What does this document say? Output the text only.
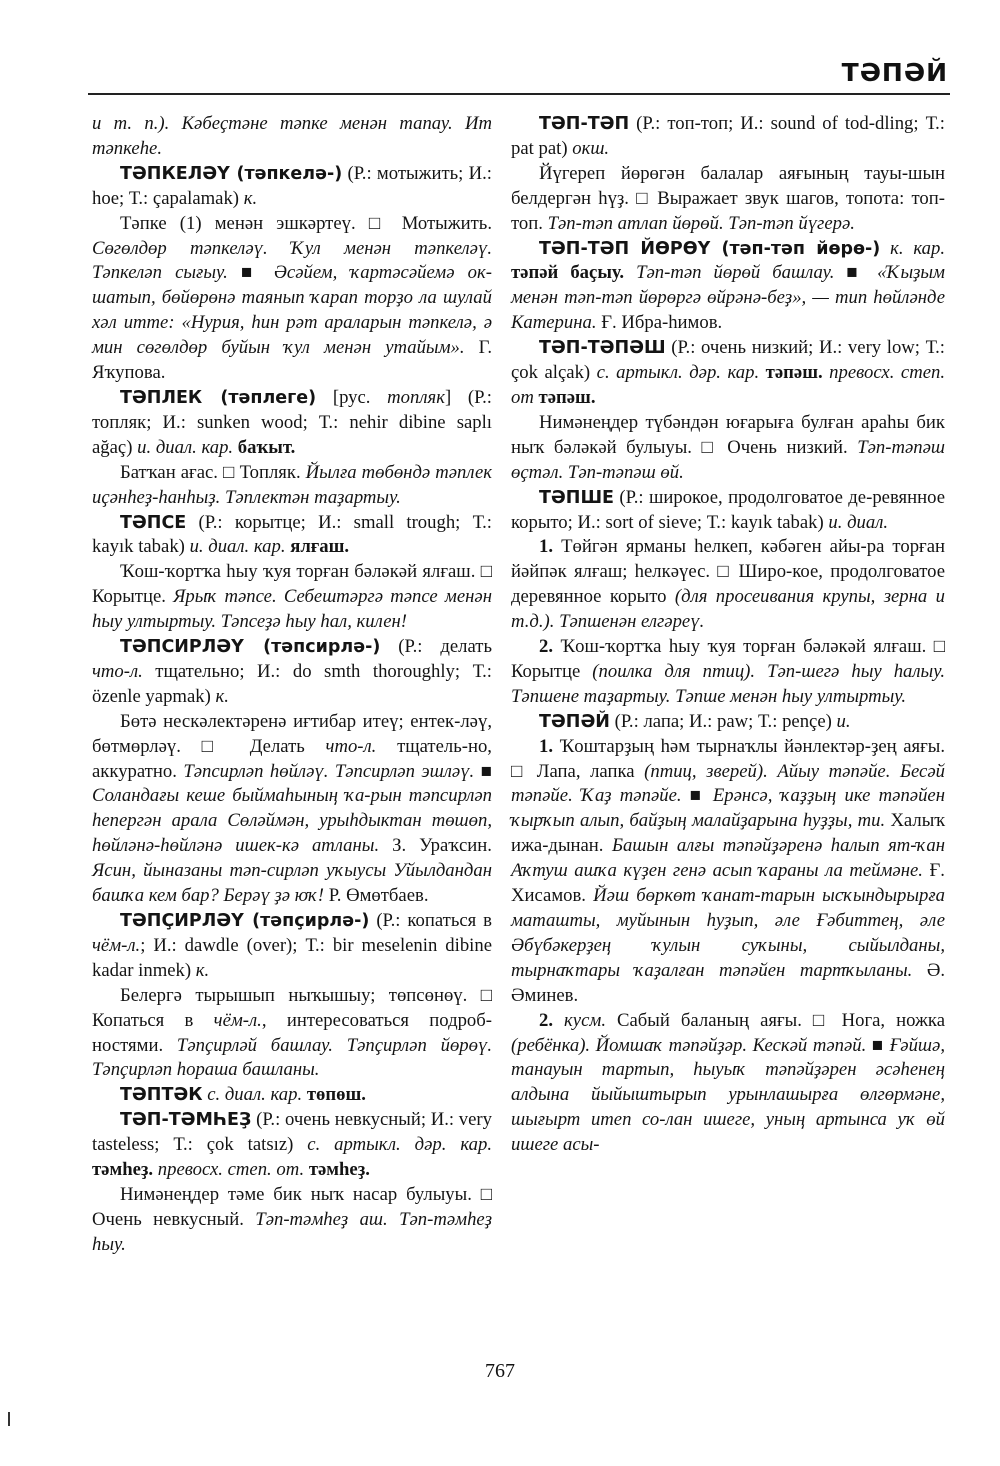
ТӘПӘЙ

и т. п.). Кәбеҫтәне тәпке менән тапау. Ит тәпкеһе.

ТӘПКЕЛӘҮ (тәпкелә-) (Р.: мотыжить; И.: hoe; Т.: çapalamak) к.

Тәпке (1) менән эшкәртеү. □ Мотыжить. Сөгөлдөр тәпкеләү. Ҡул менән тәпкеләү. Тәпкеләп сығыу. ■ Әсәйем, ҡартәсәйемә ок-шатып, бөйөрөнә таянып ҡарап торҙо ла шулай хәл итте: «Нурия, һин рәт араларын тәпкелә, ә мин сөгөлдөр буйын ҡул менән утайым». Г. Яҡупова.

ТӘПЛЕК (тәплеге) [рус. топляк] (Р.: топляк; И.: sunken wood; Т.: nehir dibine saplı ağaç) и. диал. кар. баҡыт.

Батҡан ағас. □ Топляк. Йылға төбөндә тәплек иҫәнһеҙ-һанһыҙ. Тәплектән таҙартыу.

ТӘПСЕ (Р.: корытце; И.: small trough; Т.: kayık tabak) и. диал. кар. ялғаш.

Ҡош-ҡортҡа һыу ҡуя торған бәләкәй ялғаш. □ Корытце. Ярыҡ тәпсе. Себештәргә тәпсе менән һыу ултыртыу. Тәпсеҙә һыу һал, килен!

ТӘПСИРЛӘҮ (тәпсирлә-) (Р.: делать что-л. тщательно; И.: do smth thoroughly; Т.: özenle yapmak) к.

Бөтә нескәлектәренә иғтибар итеү; ентек-ләү, бөтмөрләү. □ Делать что-л. тщатель-но, аккуратно. Тәпсирләп һөйләү. Тәпсирләп эшләү. ■ Соландағы кеше быймаһының ҡа-рын тәпсирләп һепергән арала Сөләймән, урыһдыктан төшөп, һөйләнә-һөйләнә ишек-кә атланы. З. Ураҡсин. Ясин, йыназаны тәп-сирләп уҡыусы Уйылдандан башҡа кем бар? Берәү ҙә юҡ! Р. Өмөтбаев.

ТӘПҪИРЛӘҮ (тәпҫирлә-) (Р.: копаться в чём-л.; И.: dawdle (over); Т.: bir meselenin dibine kadar inmek) к.

Белергә тырышып ныҡышыу; төпсөнөү. □ Копаться в чём-л., интересоваться подроб-ностями. Тәпҫирләй башлау. Тәпҫирләп йөрөү. Тәпҫирләп һораша башланы.

ТӘПТӘК с. диал. кар. төпөш.

ТӘП-ТӘМҺЕҘ (Р.: очень невкусный; И.: very tasteless; Т.: çok tatsız) с. артыкл. дәр. кар. тәмһеҙ. превосх. степ. от. тәмһеҙ.

Нимәнеңдер тәме бик ныҡ насар булыуы. □ Очень невкусный. Тәп-тәмһеҙ аш. Тәп-тәмһеҙ һыу.

ТӘП-ТӘП (Р.: топ-топ; И.: sound of tod-dling; Т.: pat pat) окш.

Йүгереп йөрөгән балалар аяғының тауы-шын белдергән һүҙ. □ Выражает звук шагов, топота: топ-топ. Тәп-тәп атлап йөрөй. Тәп-тәп йүгерә.

ТӘП-ТӘП ЙӨРӨҮ (тәп-тәп йөрө-) к. кар. тәпәй баҫыу. Тәп-тәп йөрөй башлау. ■ «Ҡыҙым менән тәп-тәп йөрөргә өйрәнә-беҙ», — тип һөйләнде Катерина. Ғ. Ибра-һимов.

ТӘП-ТӘПӘШ (Р.: очень низкий; И.: very low; Т.: çok alçak) с. артыкл. дәр. кар. тәпәш. превосх. степ. от тәпәш.

Нимәнеңдер түбәндән юғарыға булған араһы бик ныҡ бәләкәй булыуы. □ Очень низкий. Тәп-тәпәш өҫтәл. Тәп-тәпәш өй.

ТӘПШЕ (Р.: широкое, продолговатое де-ревянное корыто; И.: sort of sieve; Т.: kayık tabak) и. диал.

1. Төйгән ярманы һелкеп, кәбәген айы-ра торған йәйпәк ялғаш; һелкәүес. □ Широ-кое, продолговатое деревянное корыто (для просеивания крупы, зерна и т.д.). Тәпшенән елгәреү.

2. Ҡош-ҡортҡа һыу ҡуя торған бәләкәй ялғаш. □ Корытце (поилка для птиц). Тәп-шегә һыу һалыу. Тәпшене таҙартыу. Тәпше менән һыу ултыртыу.

ТӘПӘЙ (Р.: лапа; И.: paw; Т.: pençe) и.

1. Ҡоштарҙың һәм тырнаҡлы йәнлектәр-ҙең аяғы. □ Лапа, лапка (птиц, зверей). Айыу тәпәйе. Бесәй тәпәйе. Ҡаҙ тәпәйе. ■ Ерәнсә, ҡаҙҙың ике тәпәйен ҡырҡып алып, байҙың малайҙарына һуҙҙы, ти. Халыҡ ижа-дынан. Башын алғы тәпәйҙәренә һалып ят-ҡан Аҡтуш ашҡа күҙен генә асып ҡараны ла теймәне. Ғ. Хисамов. Йәш бөркөт ҡанат-тарын ысҡындырырға маташты, муйынын һуҙып, әле Ғәбиттең, әле Әбүбәкерҙең ҡулын суҡыны, сыйылданы, тырнаҡтары ҡаҙалған тәпәйен тартҡыланы. Ә. Әминев.

2. кусм. Сабый баланың аяғы. □ Нога, ножка (ребёнка). Йомшаҡ тәпәйҙәр. Кескәй тәпәй. ■ Ғәйшә, танауын тартып, һыуыҡ тәпәйҙәрен әсәһенең алдына йыйыштырып урынлашырға өлгөрмәне, шығырт итеп со-лан ишеге, уның артынса уҡ өй ишеге асы-

767
